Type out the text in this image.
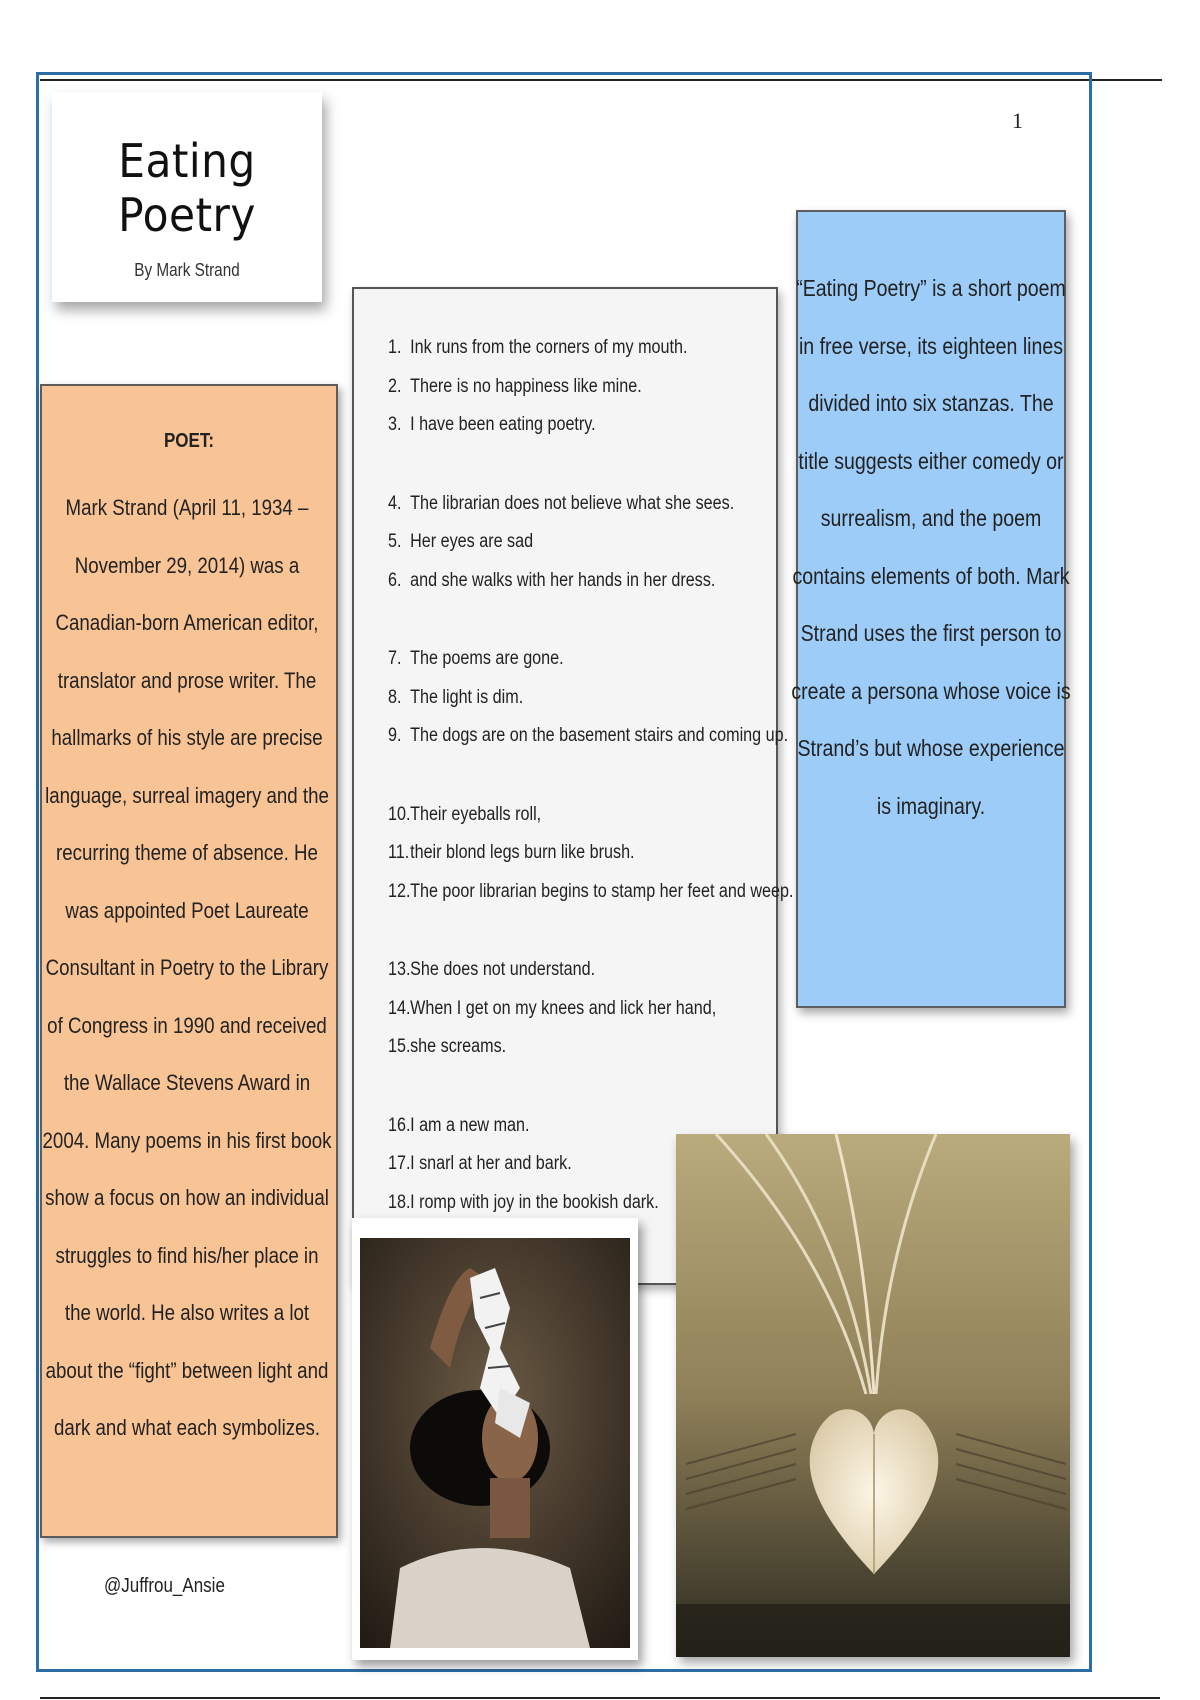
1
Eating Poetry
By Mark Strand
POET:
Mark Strand (April 11, 1934 – November 29, 2014) was a Canadian-born American editor, translator and prose writer. The hallmarks of his style are precise language, surreal imagery and the recurring theme of absence. He was appointed Poet Laureate Consultant in Poetry to the Library of Congress in 1990 and received the Wallace Stevens Award in 2004. Many poems in his first book show a focus on how an individual struggles to find his/her place in the world. He also writes a lot about the “fight” between light and dark and what each symbolizes.
1. Ink runs from the corners of my mouth.
2. There is no happiness like mine.
3. I have been eating poetry.
4. The librarian does not believe what she sees.
5. Her eyes are sad
6. and she walks with her hands in her dress.
7. The poems are gone.
8. The light is dim.
9. The dogs are on the basement stairs and coming up.
10.Their eyeballs roll,
11.their blond legs burn like brush.
12.The poor librarian begins to stamp her feet and weep.
13.She does not understand.
14.When I get on my knees and lick her hand,
15.she screams.
16.I am a new man.
17.I snarl at her and bark.
18.I romp with joy in the bookish dark.
“Eating Poetry” is a short poem in free verse, its eighteen lines divided into six stanzas. The title suggests either comedy or surrealism, and the poem contains elements of both. Mark Strand uses the first person to create a persona whose voice is Strand’s but whose experience is imaginary.
@Juffrou_Ansie
